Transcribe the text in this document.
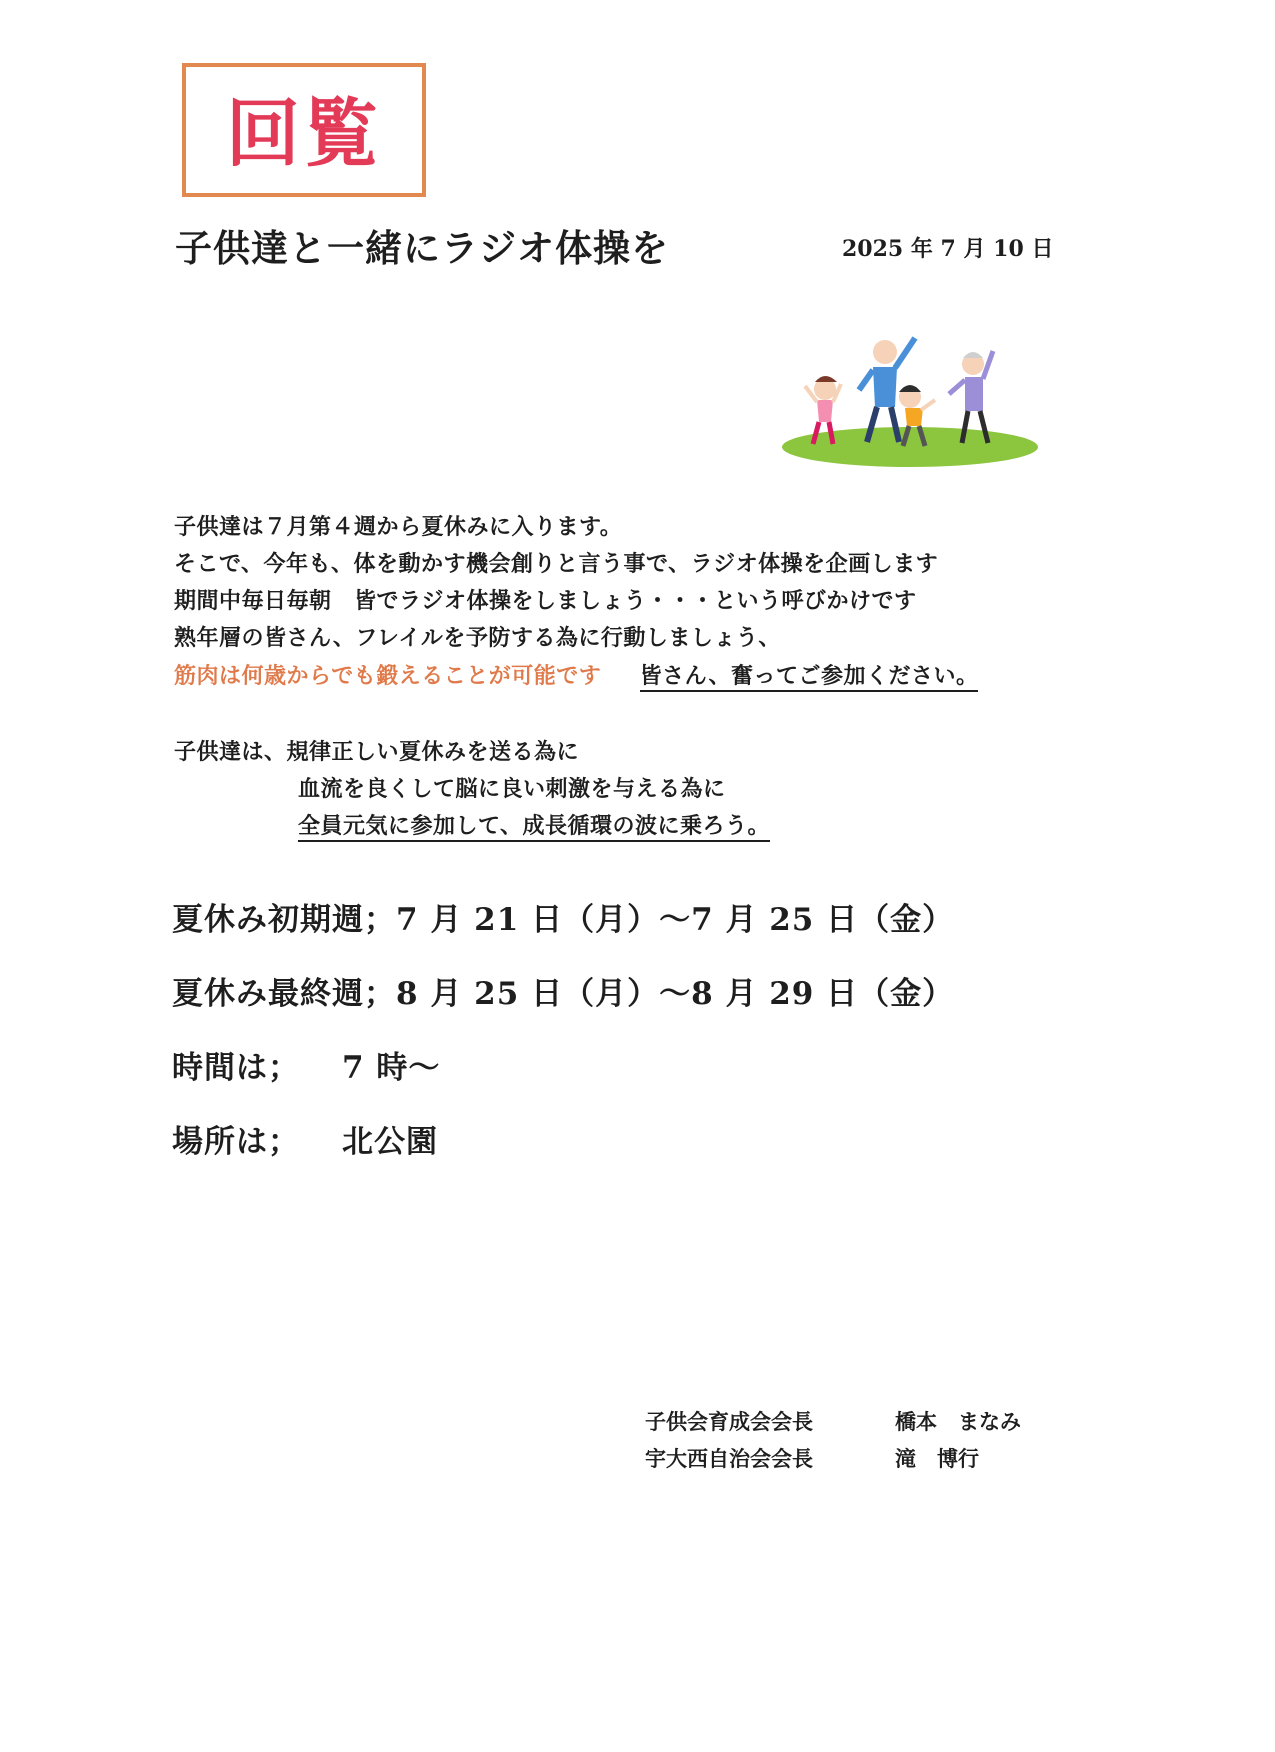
回覧
子供達と一緒にラジオ体操を	2025 年 7 月 10 日
子供達は７月第４週から夏休みに入ります。
そこで、今年も、体を動かす機会創りと言う事で、ラジオ体操を企画します
期間中毎日毎朝　皆でラジオ体操をしましょう・・・という呼びかけです
熟年層の皆さん、フレイルを予防する為に行動しましょう、
筋肉は何歳からでも鍛えることが可能です 皆さん、奮ってご参加ください。
子供達は、規律正しい夏休みを送る為に
血流を良くして脳に良い刺激を与える為に
全員元気に参加して、成長循環の波に乗ろう。
夏休み初期週；7 月 21 日（月）～7 月 25 日（金）
夏休み最終週；8 月 25 日（月）～8 月 29 日（金）
時間は； 7 時～
場所は； 北公園
子供会育成会会長	橋本　まなみ
宇大西自治会会長	滝　博行
